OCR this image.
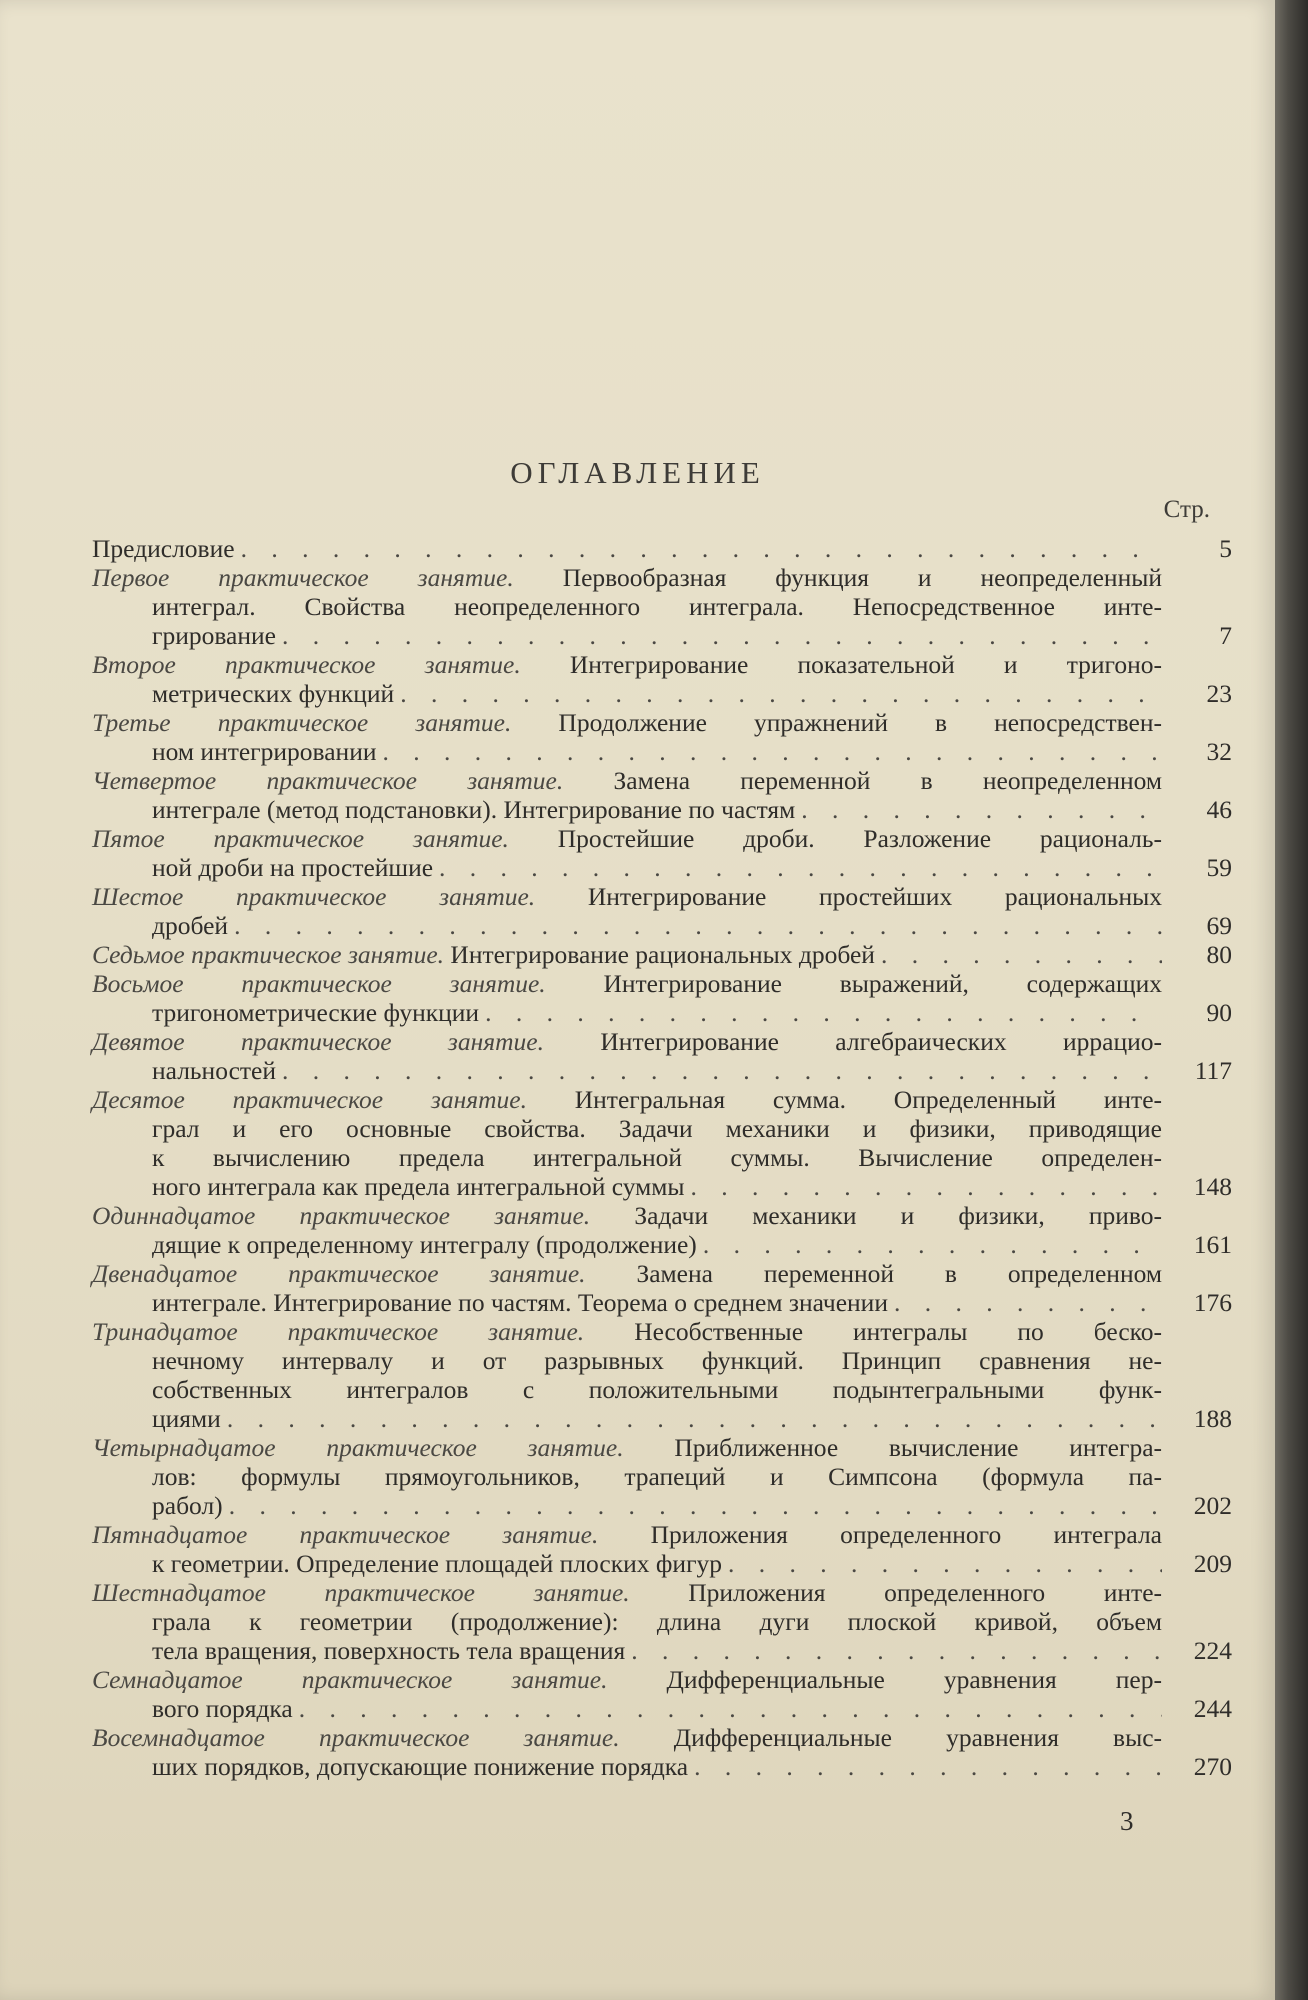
ОГЛАВЛЕНИЕ
Стр.
Предисловие . . .	5
Первое практическое занятие. Первообразная функция и неопределенный
интеграл. Свойства неопределенного интеграла. Непосредственное инте-
грирование . . .	7
Второе практическое занятие. Интегрирование показательной и тригоно-
метрических функций . . .	23
Третье практическое занятие. Продолжение упражнений в непосредствен-
ном интегрировании . . .	32
Четвертое практическое занятие. Замена переменной в неопределенном
интеграле (метод подстановки). Интегрирование по частям . . .	46
Пятое практическое занятие. Простейшие дроби. Разложение рациональ-
ной дроби на простейшие . . .	59
Шестое практическое занятие. Интегрирование простейших рациональных
дробей . . .	69
Седьмое практическое занятие. Интегрирование рациональных дробей . . .	80
Восьмое практическое занятие. Интегрирование выражений, содержащих
тригонометрические функции . . .	90
Девятое практическое занятие. Интегрирование алгебраических иррацио-
нальностей . . .	117
Десятое практическое занятие. Интегральная сумма. Определенный инте-
грал и его основные свойства. Задачи механики и физики, приводящие
к вычислению предела интегральной суммы. Вычисление определен-
ного интеграла как предела интегральной суммы . . .	148
Одиннадцатое практическое занятие. Задачи механики и физики, приво-
дящие к определенному интегралу (продолжение) . . .	161
Двенадцатое практическое занятие. Замена переменной в определенном
интеграле. Интегрирование по частям. Теорема о среднем значении . . .	176
Тринадцатое практическое занятие. Несобственные интегралы по беско-
нечному интервалу и от разрывных функций. Принцип сравнения не-
собственных интегралов с положительными подынтегральными функ-
циями . . .	188
Четырнадцатое практическое занятие. Приближенное вычисление интегра-
лов: формулы прямоугольников, трапеций и Симпсона (формула па-
рабол) . . .	202
Пятнадцатое практическое занятие. Приложения определенного интеграла
к геометрии. Определение площадей плоских фигур . . .	209
Шестнадцатое практическое занятие. Приложения определенного инте-
грала к геометрии (продолжение): длина дуги плоской кривой, объем
тела вращения, поверхность тела вращения . . .	224
Семнадцатое практическое занятие. Дифференциальные уравнения пер-
вого порядка . . .	244
Восемнадцатое практическое занятие. Дифференциальные уравнения выс-
ших порядков, допускающие понижение порядка . . .	270
3
